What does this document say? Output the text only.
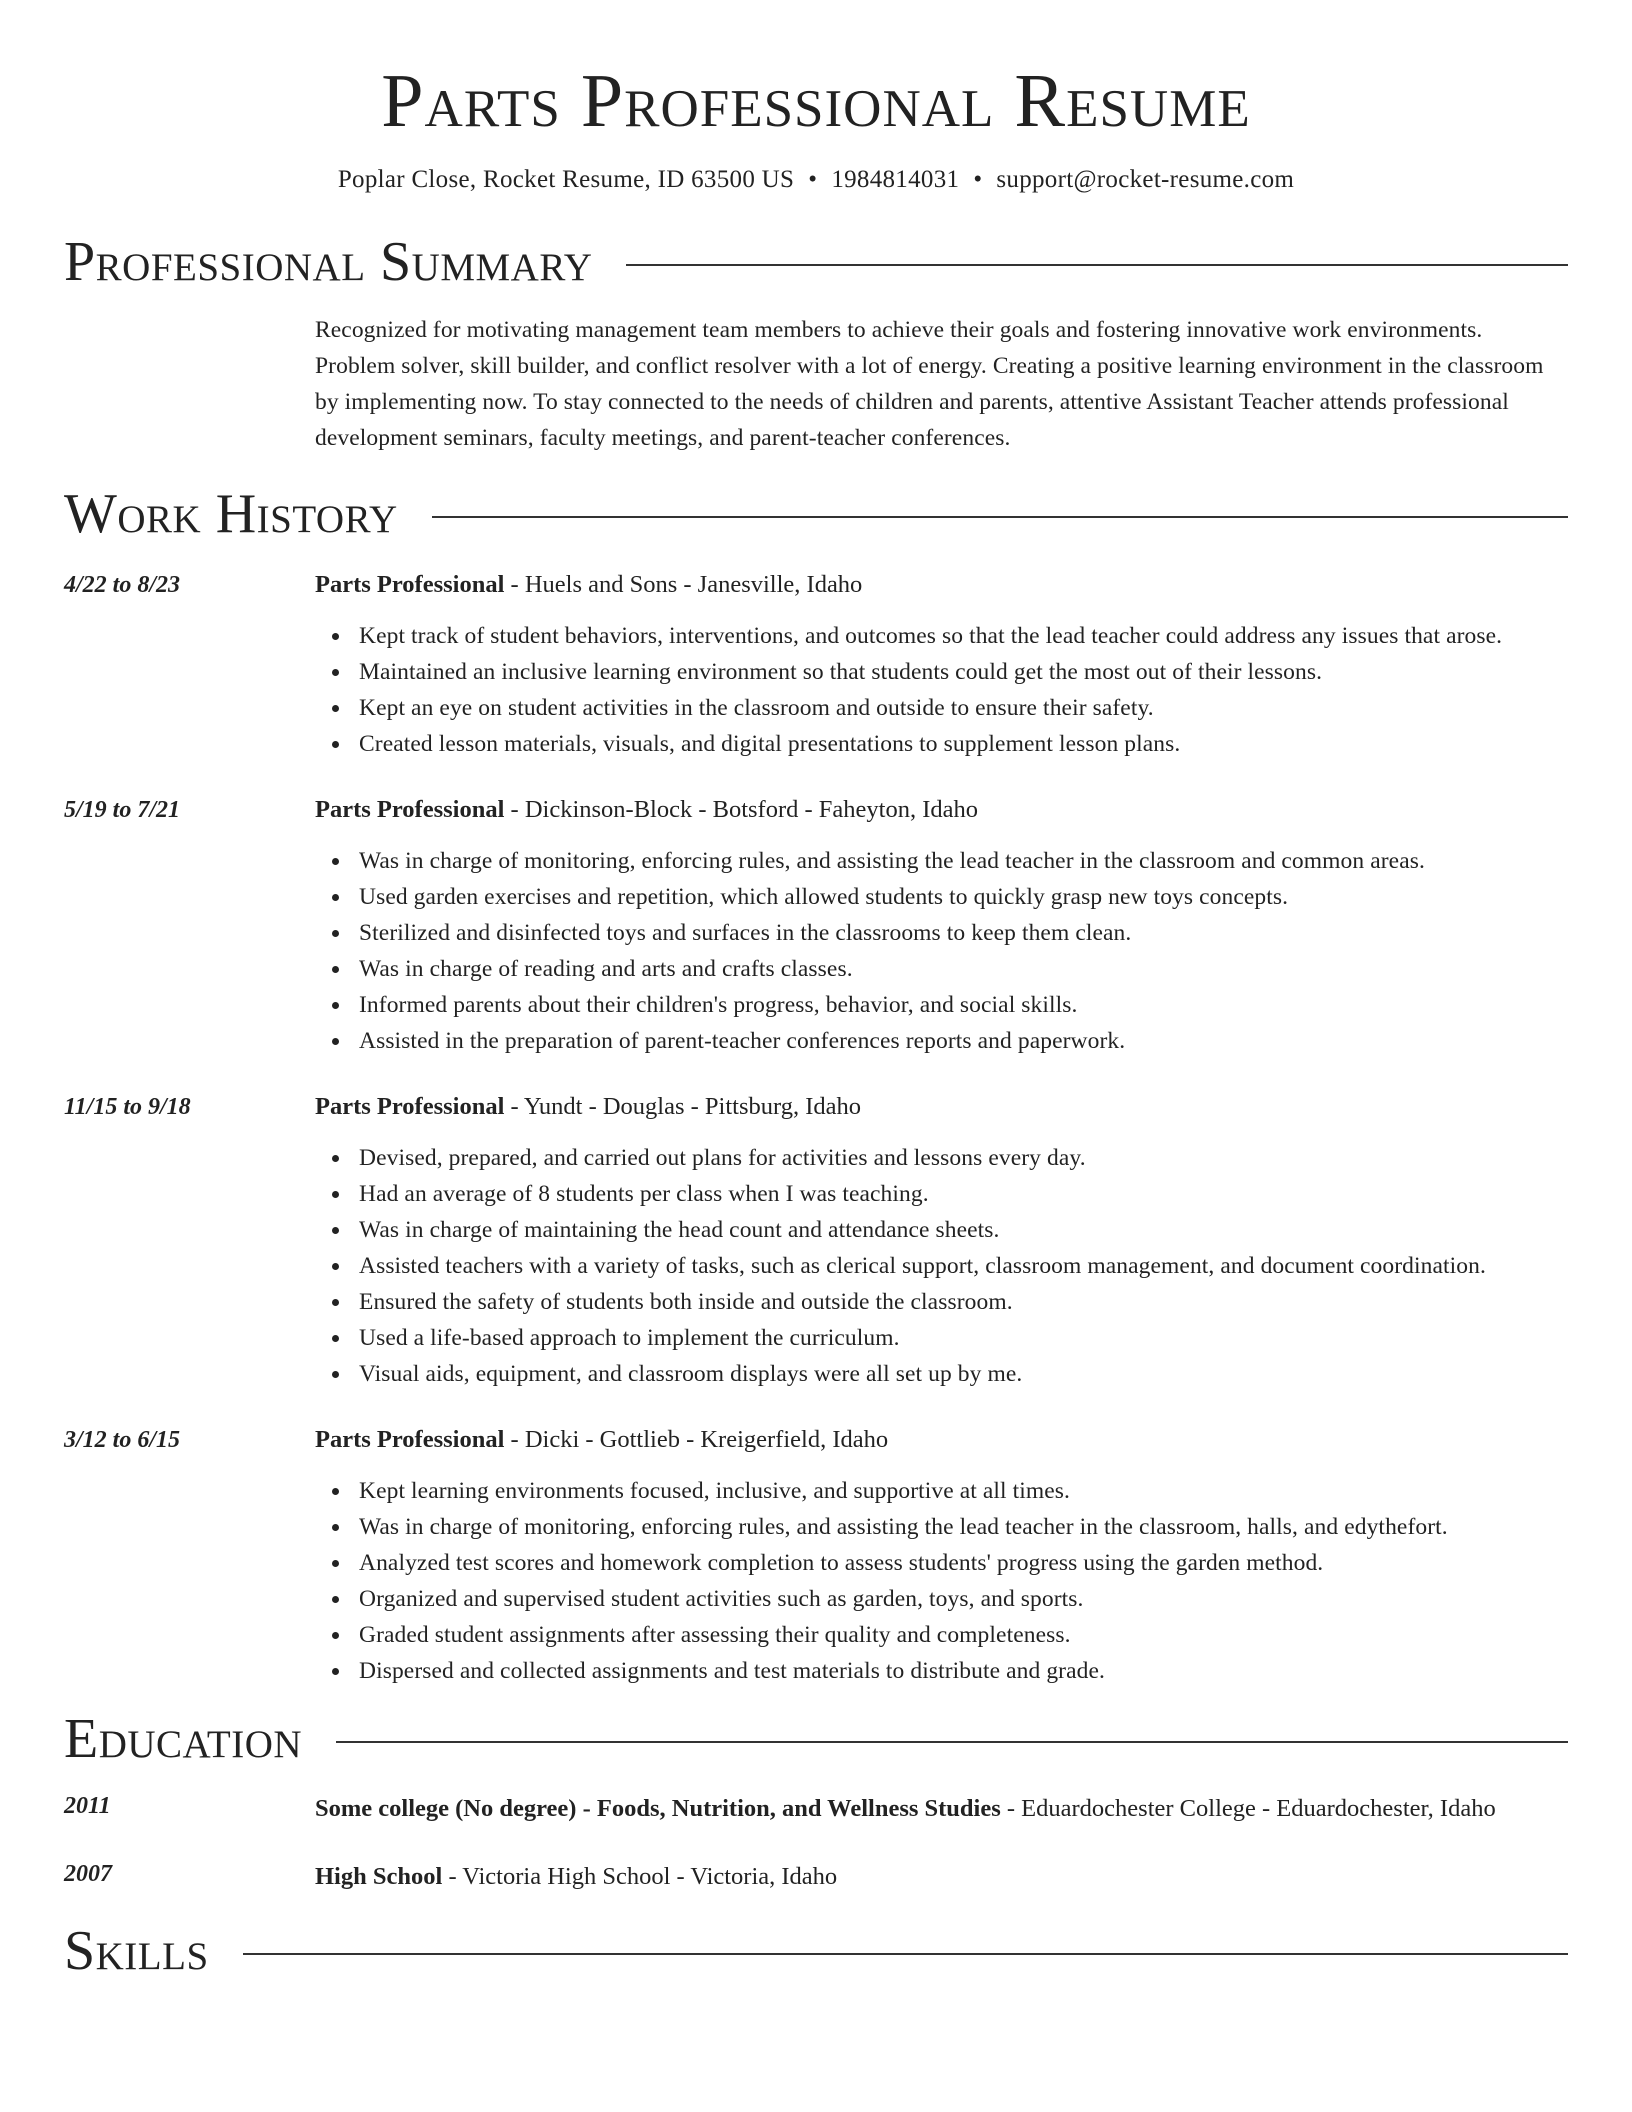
Parts Professional Resume
Poplar Close, Rocket Resume, ID 63500 US • 1984814031 • support@rocket-resume.com
Professional Summary
Recognized for motivating management team members to achieve their goals and fostering innovative work environments. Problem solver, skill builder, and conflict resolver with a lot of energy. Creating a positive learning environment in the classroom by implementing now. To stay connected to the needs of children and parents, attentive Assistant Teacher attends professional development seminars, faculty meetings, and parent-teacher conferences.
Work History
4/22 to 8/23	Parts Professional - Huels and Sons - Janesville, Idaho
Kept track of student behaviors, interventions, and outcomes so that the lead teacher could address any issues that arose.
Maintained an inclusive learning environment so that students could get the most out of their lessons.
Kept an eye on student activities in the classroom and outside to ensure their safety.
Created lesson materials, visuals, and digital presentations to supplement lesson plans.
5/19 to 7/21	Parts Professional - Dickinson-Block - Botsford - Faheyton, Idaho
Was in charge of monitoring, enforcing rules, and assisting the lead teacher in the classroom and common areas.
Used garden exercises and repetition, which allowed students to quickly grasp new toys concepts.
Sterilized and disinfected toys and surfaces in the classrooms to keep them clean.
Was in charge of reading and arts and crafts classes.
Informed parents about their children's progress, behavior, and social skills.
Assisted in the preparation of parent-teacher conferences reports and paperwork.
11/15 to 9/18	Parts Professional - Yundt - Douglas - Pittsburg, Idaho
Devised, prepared, and carried out plans for activities and lessons every day.
Had an average of 8 students per class when I was teaching.
Was in charge of maintaining the head count and attendance sheets.
Assisted teachers with a variety of tasks, such as clerical support, classroom management, and document coordination.
Ensured the safety of students both inside and outside the classroom.
Used a life-based approach to implement the curriculum.
Visual aids, equipment, and classroom displays were all set up by me.
3/12 to 6/15	Parts Professional - Dicki - Gottlieb - Kreigerfield, Idaho
Kept learning environments focused, inclusive, and supportive at all times.
Was in charge of monitoring, enforcing rules, and assisting the lead teacher in the classroom, halls, and edythefort.
Analyzed test scores and homework completion to assess students' progress using the garden method.
Organized and supervised student activities such as garden, toys, and sports.
Graded student assignments after assessing their quality and completeness.
Dispersed and collected assignments and test materials to distribute and grade.
Education
2011	Some college (No degree) - Foods, Nutrition, and Wellness Studies - Eduardochester College - Eduardochester, Idaho
2007	High School - Victoria High School - Victoria, Idaho
Skills
